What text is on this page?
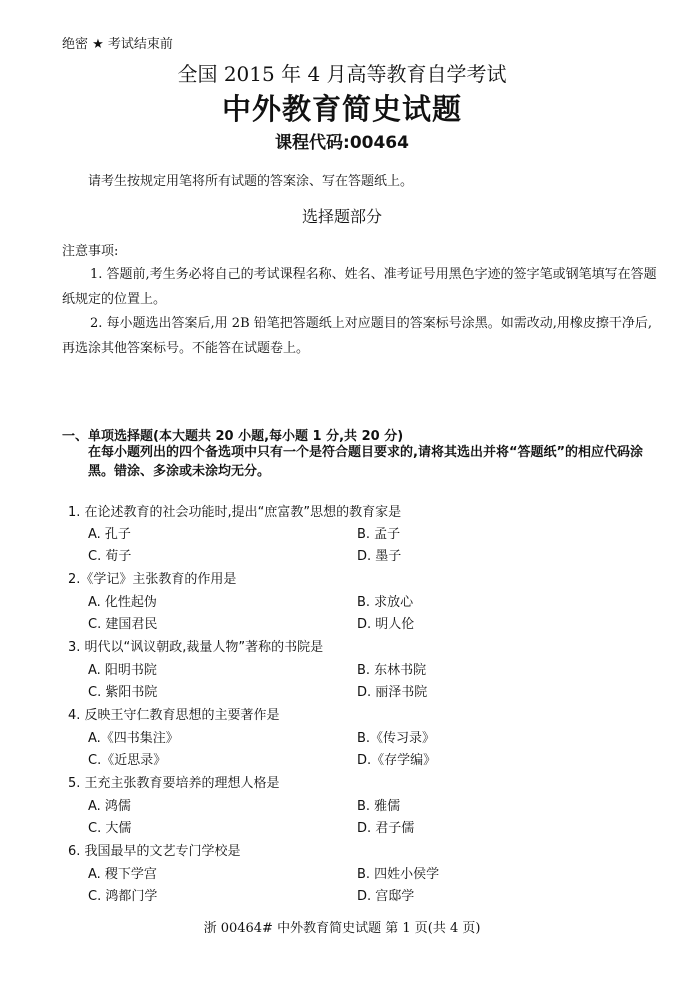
绝密 ★ 考试结束前
全国 2015 年 4 月高等教育自学考试
中外教育简史试题
课程代码:00464
请考生按规定用笔将所有试题的答案涂、写在答题纸上。
选择题部分
注意事项:
1. 答题前,考生务必将自己的考试课程名称、姓名、准考证号用黑色字迹的签字笔或钢笔填写在答题纸规定的位置上。
2. 每小题选出答案后,用 2B 铅笔把答题纸上对应题目的答案标号涂黑。如需改动,用橡皮擦干净后,再选涂其他答案标号。不能答在试题卷上。
一、单项选择题(本大题共 20 小题,每小题 1 分,共 20 分)
在每小题列出的四个备选项中只有一个是符合题目要求的,请将其选出并将“答题纸”的相应代码涂黑。错涂、多涂或未涂均无分。
1. 在论述教育的社会功能时,提出“庶富教”思想的教育家是
A. 孔子	B. 孟子
C. 荀子	D. 墨子
2.《学记》主张教育的作用是
A. 化性起伪	B. 求放心
C. 建国君民	D. 明人伦
3. 明代以“讽议朝政,裁量人物”著称的书院是
A. 阳明书院	B. 东林书院
C. 紫阳书院	D. 丽泽书院
4. 反映王守仁教育思想的主要著作是
A.《四书集注》	B.《传习录》
C.《近思录》	D.《存学编》
5. 王充主张教育要培养的理想人格是
A. 鸿儒	B. 雅儒
C. 大儒	D. 君子儒
6. 我国最早的文艺专门学校是
A. 稷下学宫	B. 四姓小侯学
C. 鸿都门学	D. 宫邸学
浙 00464# 中外教育简史试题 第 1 页(共 4 页)
